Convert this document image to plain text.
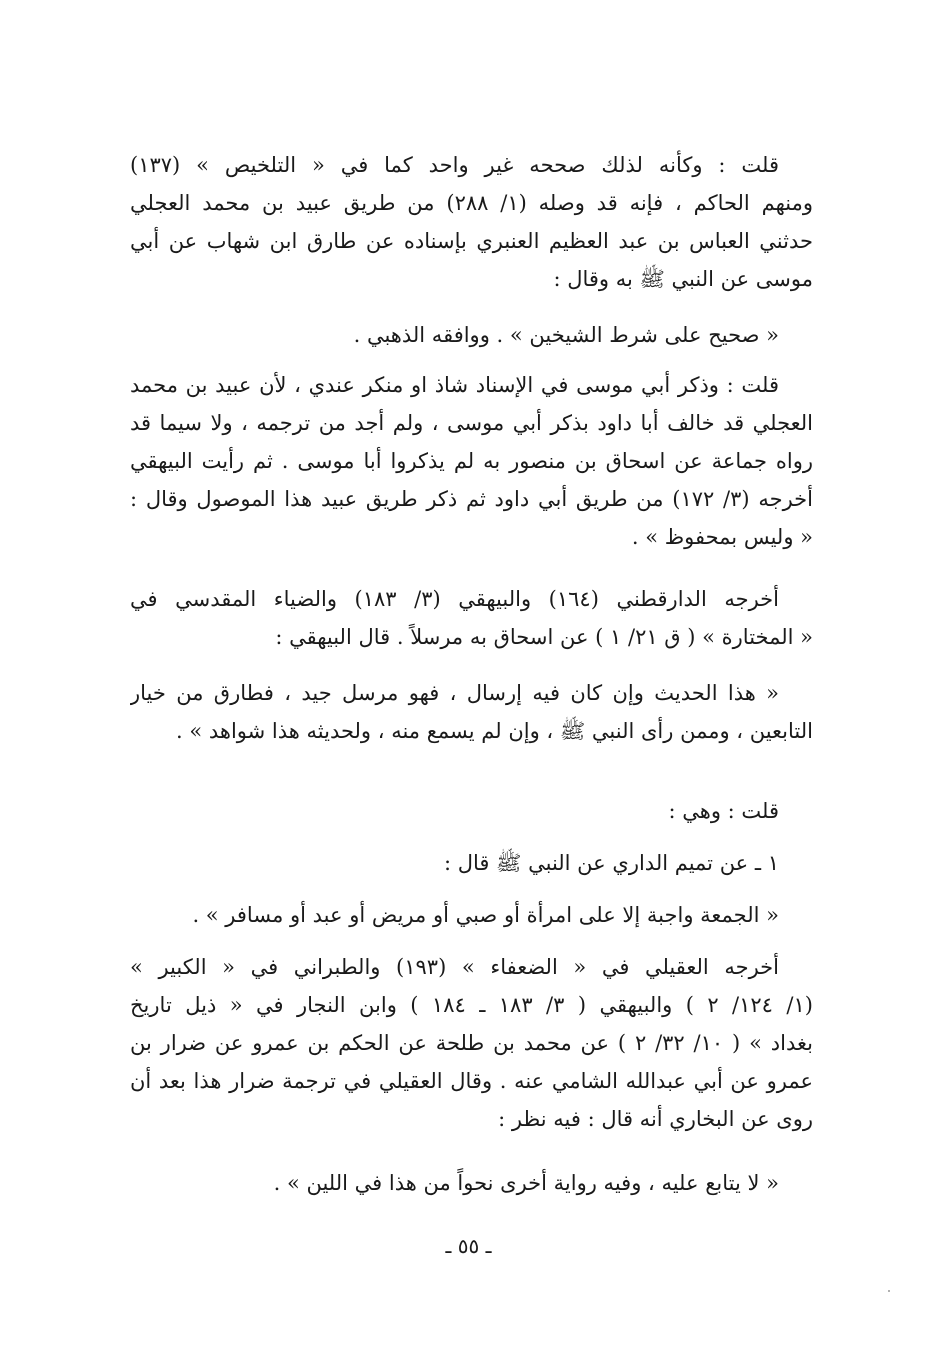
قلت : وكأنه لذلك صححه غير واحد كما في « التلخيص » (١٣٧)
ومنهم الحاكم ، فإنه قد وصله (١/ ٢٨٨) من طريق عبيد بن محمد العجلي
حدثني العباس بن عبد العظيم العنبري بإسناده عن طارق ابن شهاب عن أبي
موسى عن النبي ﷺ به وقال :
« صحيح على شرط الشيخين » . ووافقه الذهبي .
قلت : وذكر أبي موسى في الإسناد شاذ او منكر عندي ، لأن عبيد بن محمد
العجلي قد خالف أبا داود بذكر أبي موسى ، ولم أجد من ترجمه ، ولا سيما قد
رواه جماعة عن اسحاق بن منصور به لم يذكروا أبا موسى . ثم رأيت البيهقي
أخرجه (٣/ ١٧٢) من طريق أبي داود ثم ذكر طريق عبيد هذا الموصول وقال :
« وليس بمحفوظ » .
أخرجه الدارقطني (١٦٤) والبيهقي (٣/ ١٨٣) والضياء المقدسي في
« المختارة » ( ق ٢١/ ١ ) عن اسحاق به مرسلاً . قال البيهقي :
« هذا الحديث وإن كان فيه إرسال ، فهو مرسل جيد ، فطارق من خيار
التابعين ، وممن رأى النبي ﷺ ، وإن لم يسمع منه ، ولحديثه هذا شواهد » .
قلت : وهي :
١ ـ عن تميم الداري عن النبي ﷺ قال :
« الجمعة واجبة إلا على امرأة أو صبي أو مريض أو عبد أو مسافر » .
أخرجه العقيلي في « الضعفاء » (١٩٣) والطبراني في « الكبير »
(١/ ١٢٤/ ٢ ) والبيهقي ( ٣/ ١٨٣ ـ ١٨٤ ) وابن النجار في « ذيل تاريخ
بغداد » ( ١٠/ ٣٢/ ٢ ) عن محمد بن طلحة عن الحكم بن عمرو عن ضرار بن
عمرو عن أبي عبدالله الشامي عنه . وقال العقيلي في ترجمة ضرار هذا بعد أن
روى عن البخاري أنه قال : فيه نظر :
« لا يتابع عليه ، وفيه رواية أخرى نحواً من هذا في اللين » .
ـ ٥٥ ـ
